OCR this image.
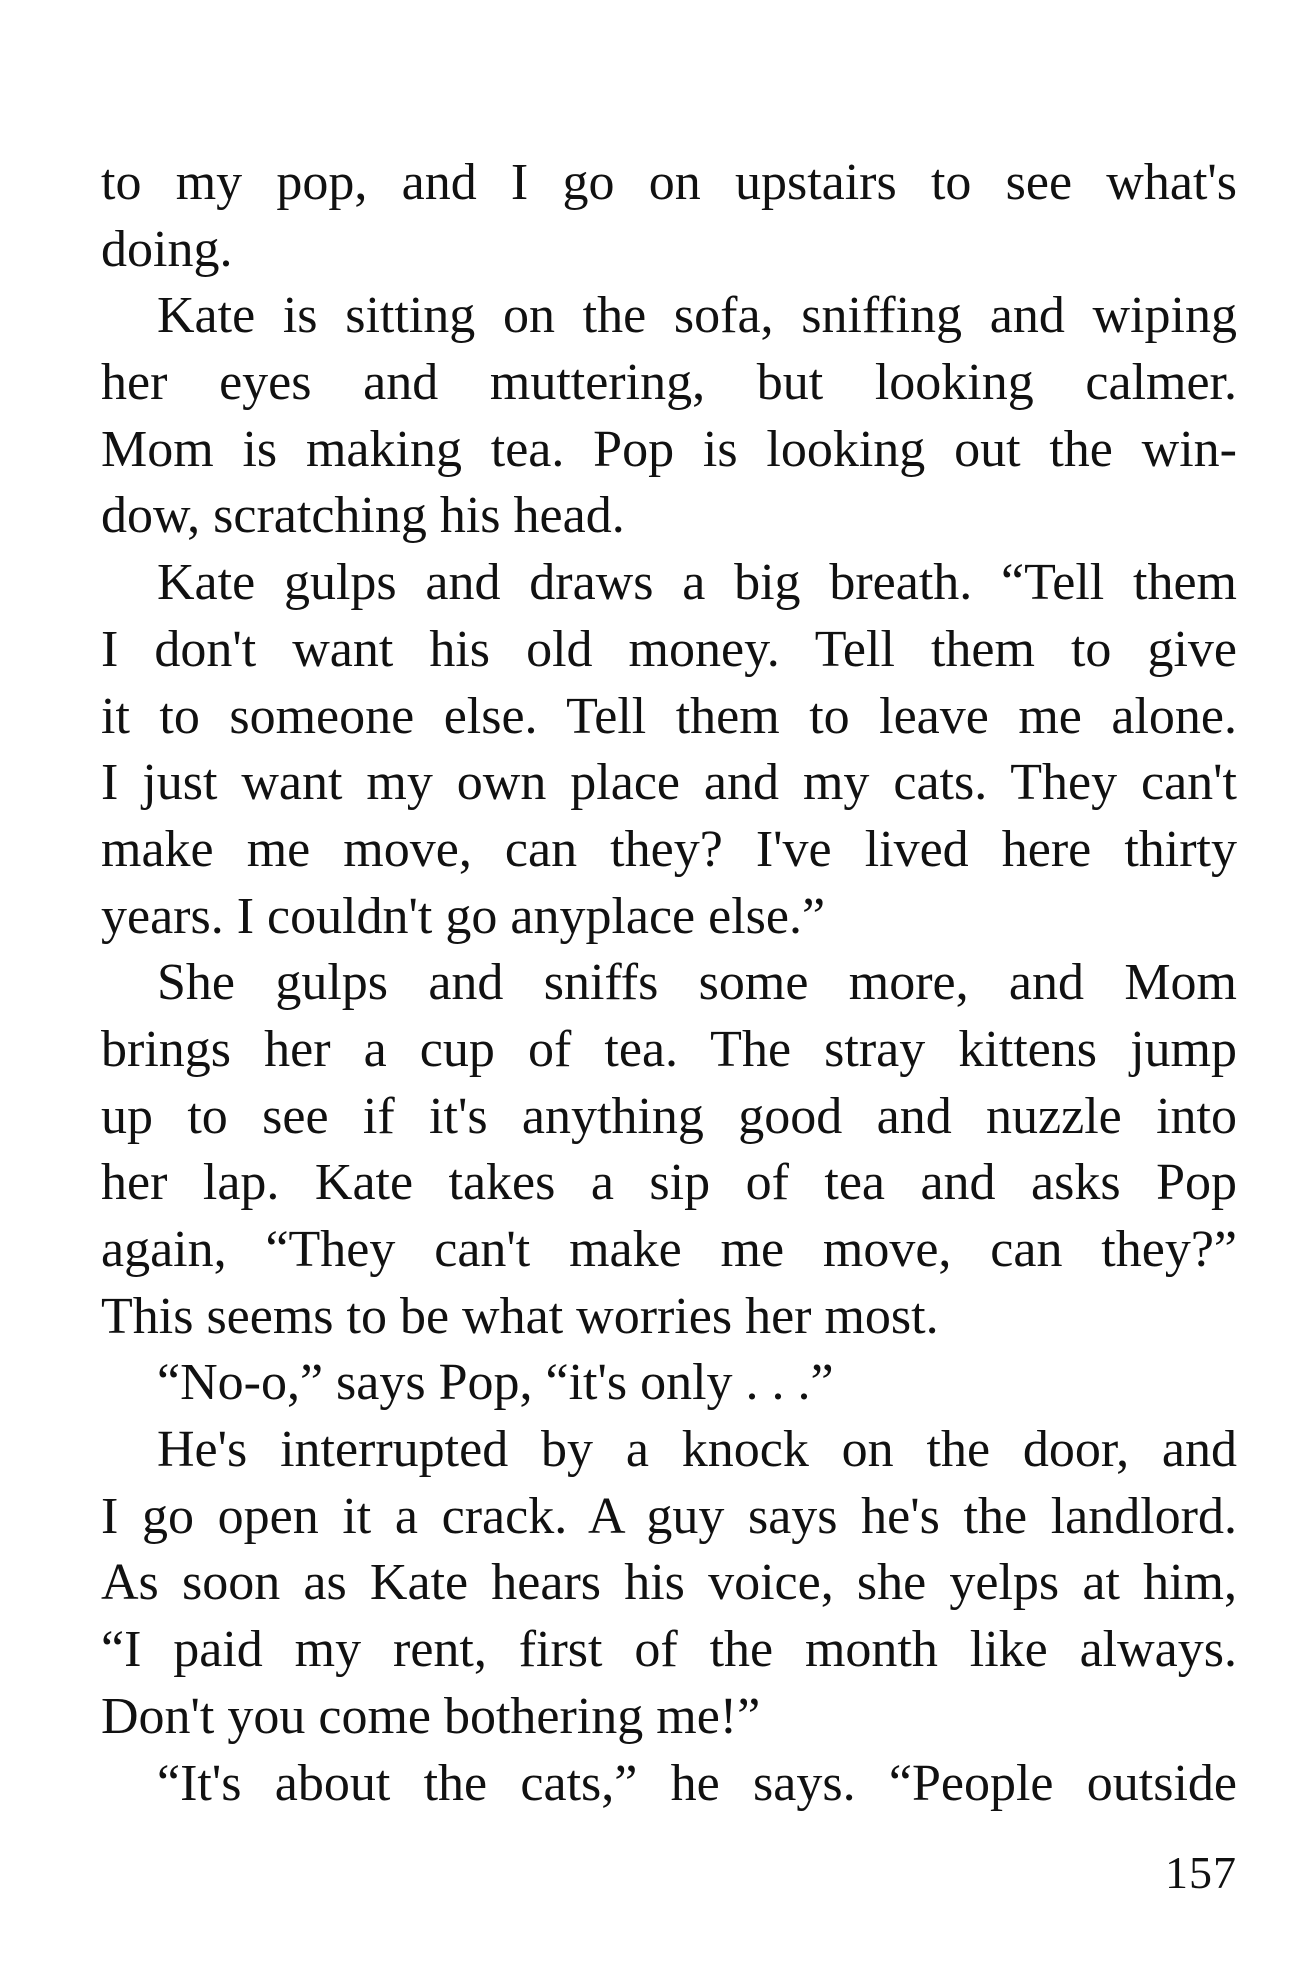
to my pop, and I go on upstairs to see what's
doing.
Kate is sitting on the sofa, sniffing and wiping
her eyes and muttering, but looking calmer.
Mom is making tea. Pop is looking out the win-
dow, scratching his head.
Kate gulps and draws a big breath. “Tell them
I don't want his old money. Tell them to give
it to someone else. Tell them to leave me alone.
I just want my own place and my cats. They can't
make me move, can they? I've lived here thirty
years. I couldn't go anyplace else.”
She gulps and sniffs some more, and Mom
brings her a cup of tea. The stray kittens jump
up to see if it's anything good and nuzzle into
her lap. Kate takes a sip of tea and asks Pop
again, “They can't make me move, can they?”
This seems to be what worries her most.
“No-o,” says Pop, “it's only . . .”
He's interrupted by a knock on the door, and
I go open it a crack. A guy says he's the landlord.
As soon as Kate hears his voice, she yelps at him,
“I paid my rent, first of the month like always.
Don't you come bothering me!”
“It's about the cats,” he says. “People outside
157
